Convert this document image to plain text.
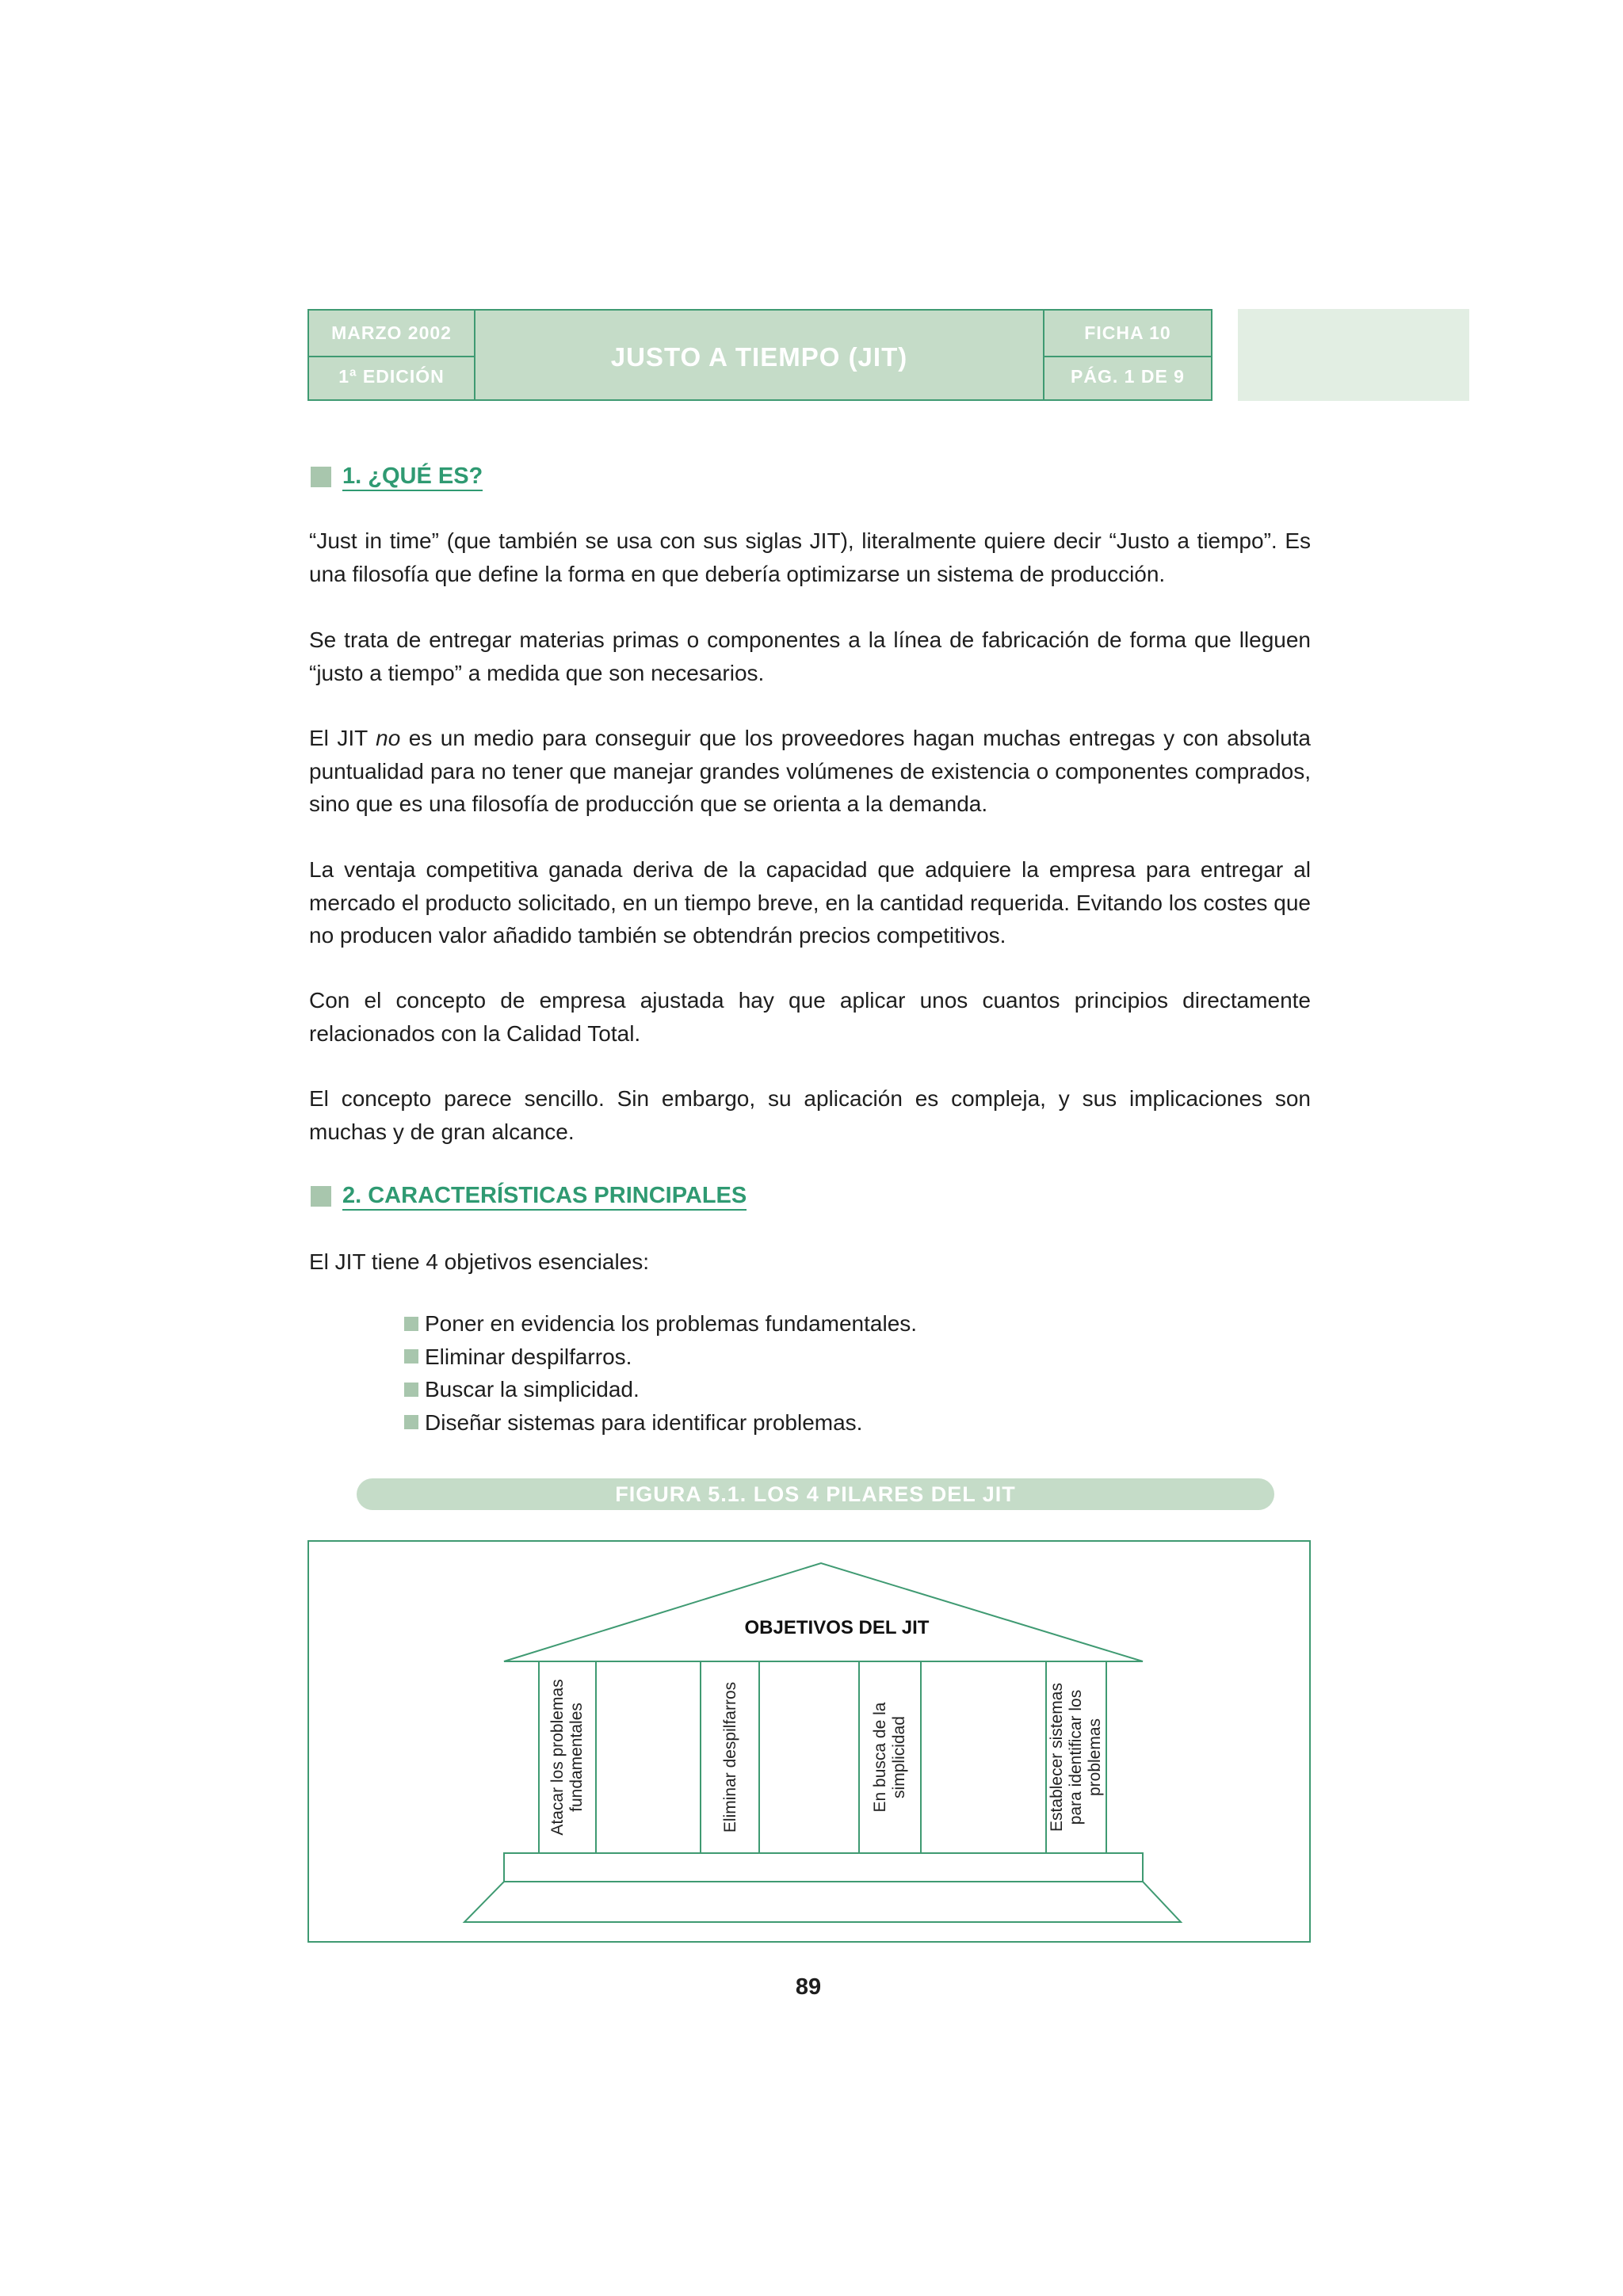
MARZO 2002
1ª EDICIÓN
JUSTO A TIEMPO (JIT)
FICHA 10
PÁG. 1 DE 9
1. ¿QUÉ ES?

“Just in time” (que también se usa con sus siglas JIT), literalmente quiere decir “Justo a tiempo”. Es una filosofía que define la forma en que debería optimizarse un sistema de producción.

Se trata de entregar materias primas o componentes a la línea de fabricación de forma que lleguen “justo a tiempo” a medida que son necesarios.

El JIT no es un medio para conseguir que los proveedores hagan muchas entregas y con absoluta puntualidad para no tener que manejar grandes volúmenes de existencia o componentes comprados, sino que es una filosofía de producción que se orienta a la demanda.

La ventaja competitiva ganada deriva de la capacidad que adquiere la empresa para entregar al mercado el producto solicitado, en un tiempo breve, en la cantidad requerida. Evitando los costes que no producen valor añadido también se obtendrán precios competitivos.

Con el concepto de empresa ajustada hay que aplicar unos cuantos principios directamente relacionados con la Calidad Total.

El concepto parece sencillo. Sin embargo, su aplicación es compleja, y sus implicaciones son muchas y de gran alcance.

2. CARACTERÍSTICAS PRINCIPALES

El JIT tiene 4 objetivos esenciales:

Poner en evidencia los problemas fundamentales.
Eliminar despilfarros.
Buscar la simplicidad.
Diseñar sistemas para identificar problemas.
FIGURA 5.1. LOS 4 PILARES DEL JIT
OBJETIVOS DEL JIT
Atacar los problemas fundamentales	Eliminar despilfarros	En busca de la simplicidad	Establecer sistemas para identificar los problemas
89
